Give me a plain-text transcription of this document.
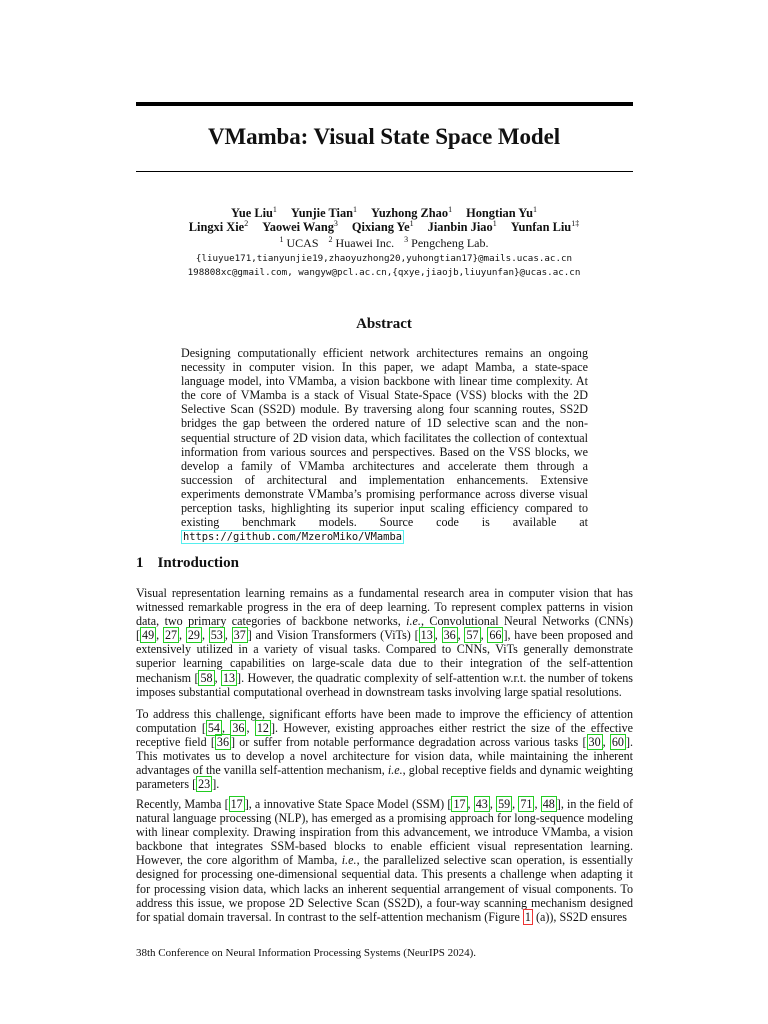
VMamba: Visual State Space Model
Yue Liu$^1$ Yunjie Tian$^1$ Yuzhong Zhao$^1$ Hongtian Yu$^1$
Lingxi Xie$^2$ Yaowei Wang$^3$ Qixiang Ye$^1$ Jianbin Jiao$^1$ Yunfan Liu$^{1\ddagger}$
$^1$ UCAS $^2$ Huawei Inc. $^3$ Pengcheng Lab.
{liuyue171,tianyunjie19,zhaoyuzhong20,yuhongtian17}@mails.ucas.ac.cn
198808xc@gmail.com, wangyw@pcl.ac.cn,{qxye,jiaojb,liuyunfan}@ucas.ac.cn
Abstract
Designing computationally efficient network architectures remains an ongoing necessity in computer vision. In this paper, we adapt Mamba, a state-space language model, into VMamba, a vision backbone with linear time complexity. At the core of VMamba is a stack of Visual State-Space (VSS) blocks with the 2D Selective Scan (SS2D) module. By traversing along four scanning routes, SS2D bridges the gap between the ordered nature of 1D selective scan and the non-sequential structure of 2D vision data, which facilitates the collection of contextual information from various sources and perspectives. Based on the VSS blocks, we develop a family of VMamba architectures and accelerate them through a succession of architectural and implementation enhancements. Extensive experiments demonstrate VMamba’s promising performance across diverse visual perception tasks, highlighting its superior input scaling efficiency compared to existing benchmark models. Source code is available at https://github.com/MzeroMiko/VMamba
1 Introduction
Visual representation learning remains as a fundamental research area in computer vision that has witnessed remarkable progress in the era of deep learning. To represent complex patterns in vision data, two primary categories of backbone networks, i.e., Convolutional Neural Networks (CNNs) [ 49 , 27 , 29 , 53 , 37 ] and Vision Transformers (ViTs) [ 13 , 36 , 57 , 66 ], have been proposed and extensively utilized in a variety of visual tasks. Compared to CNNs, ViTs generally demonstrate superior learning capabilities on large-scale data due to their integration of the self-attention mechanism [ 58 , 13 ]. However, the quadratic complexity of self-attention w.r.t. the number of tokens imposes substantial computational overhead in downstream tasks involving large spatial resolutions.
To address this challenge, significant efforts have been made to improve the efficiency of attention computation [ 54 , 36 , 12 ]. However, existing approaches either restrict the size of the effective receptive field [ 36 ] or suffer from notable performance degradation across various tasks [ 30 , 60 ]. This motivates us to develop a novel architecture for vision data, while maintaining the inherent advantages of the vanilla self-attention mechanism, i.e., global receptive fields and dynamic weighting parameters [ 23 ].
Recently, Mamba [ 17 ], a innovative State Space Model (SSM) [ 17 , 43 , 59 , 71 , 48 ], in the field of natural language processing (NLP), has emerged as a promising approach for long-sequence modeling with linear complexity. Drawing inspiration from this advancement, we introduce VMamba, a vision backbone that integrates SSM-based blocks to enable efficient visual representation learning. However, the core algorithm of Mamba, i.e., the parallelized selective scan operation, is essentially designed for processing one-dimensional sequential data. This presents a challenge when adapting it for processing vision data, which lacks an inherent sequential arrangement of visual components. To address this issue, we propose 2D Selective Scan (SS2D), a four-way scanning mechanism designed for spatial domain traversal. In contrast to the self-attention mechanism (Figure 1 (a)), SS2D ensures
38th Conference on Neural Information Processing Systems (NeurIPS 2024).
